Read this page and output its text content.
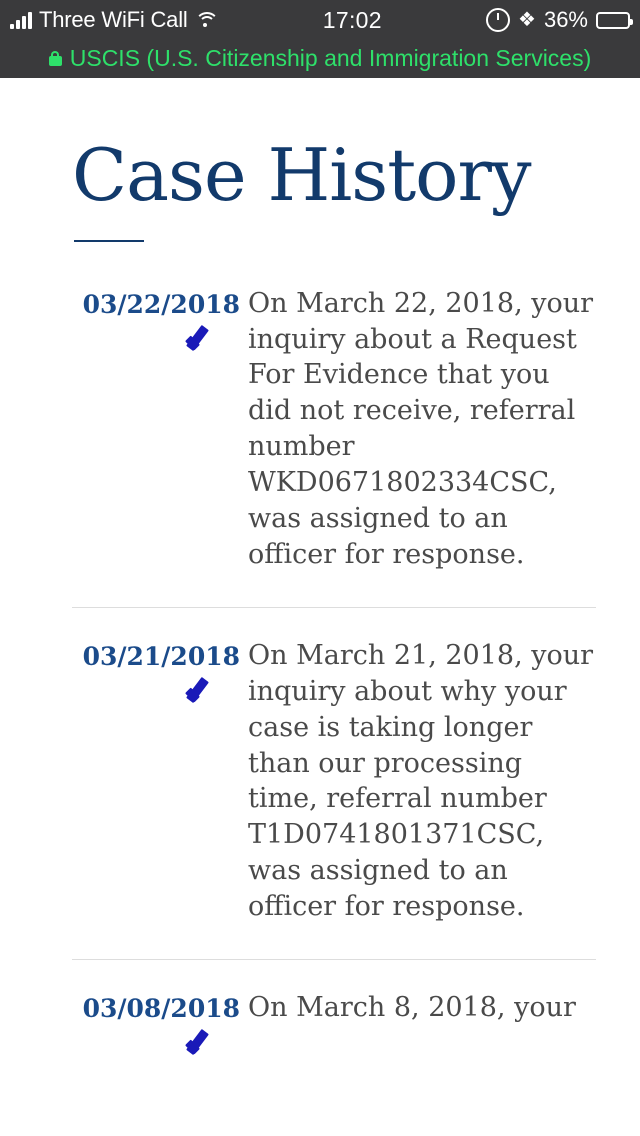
Three WiFi Call	17:02	❖ 36%
USCIS (U.S. Citizenship and Immigration Services)
Case History
03/22/2018 On March 22, 2018, your inquiry about a Request For Evidence that you did not receive, referral number WKD0671802334CSC, was assigned to an officer for response.
03/21/2018 On March 21, 2018, your inquiry about why your case is taking longer than our processing time, referral number T1D0741801371CSC, was assigned to an officer for response.
03/08/2018 On March 8, 2018, your
